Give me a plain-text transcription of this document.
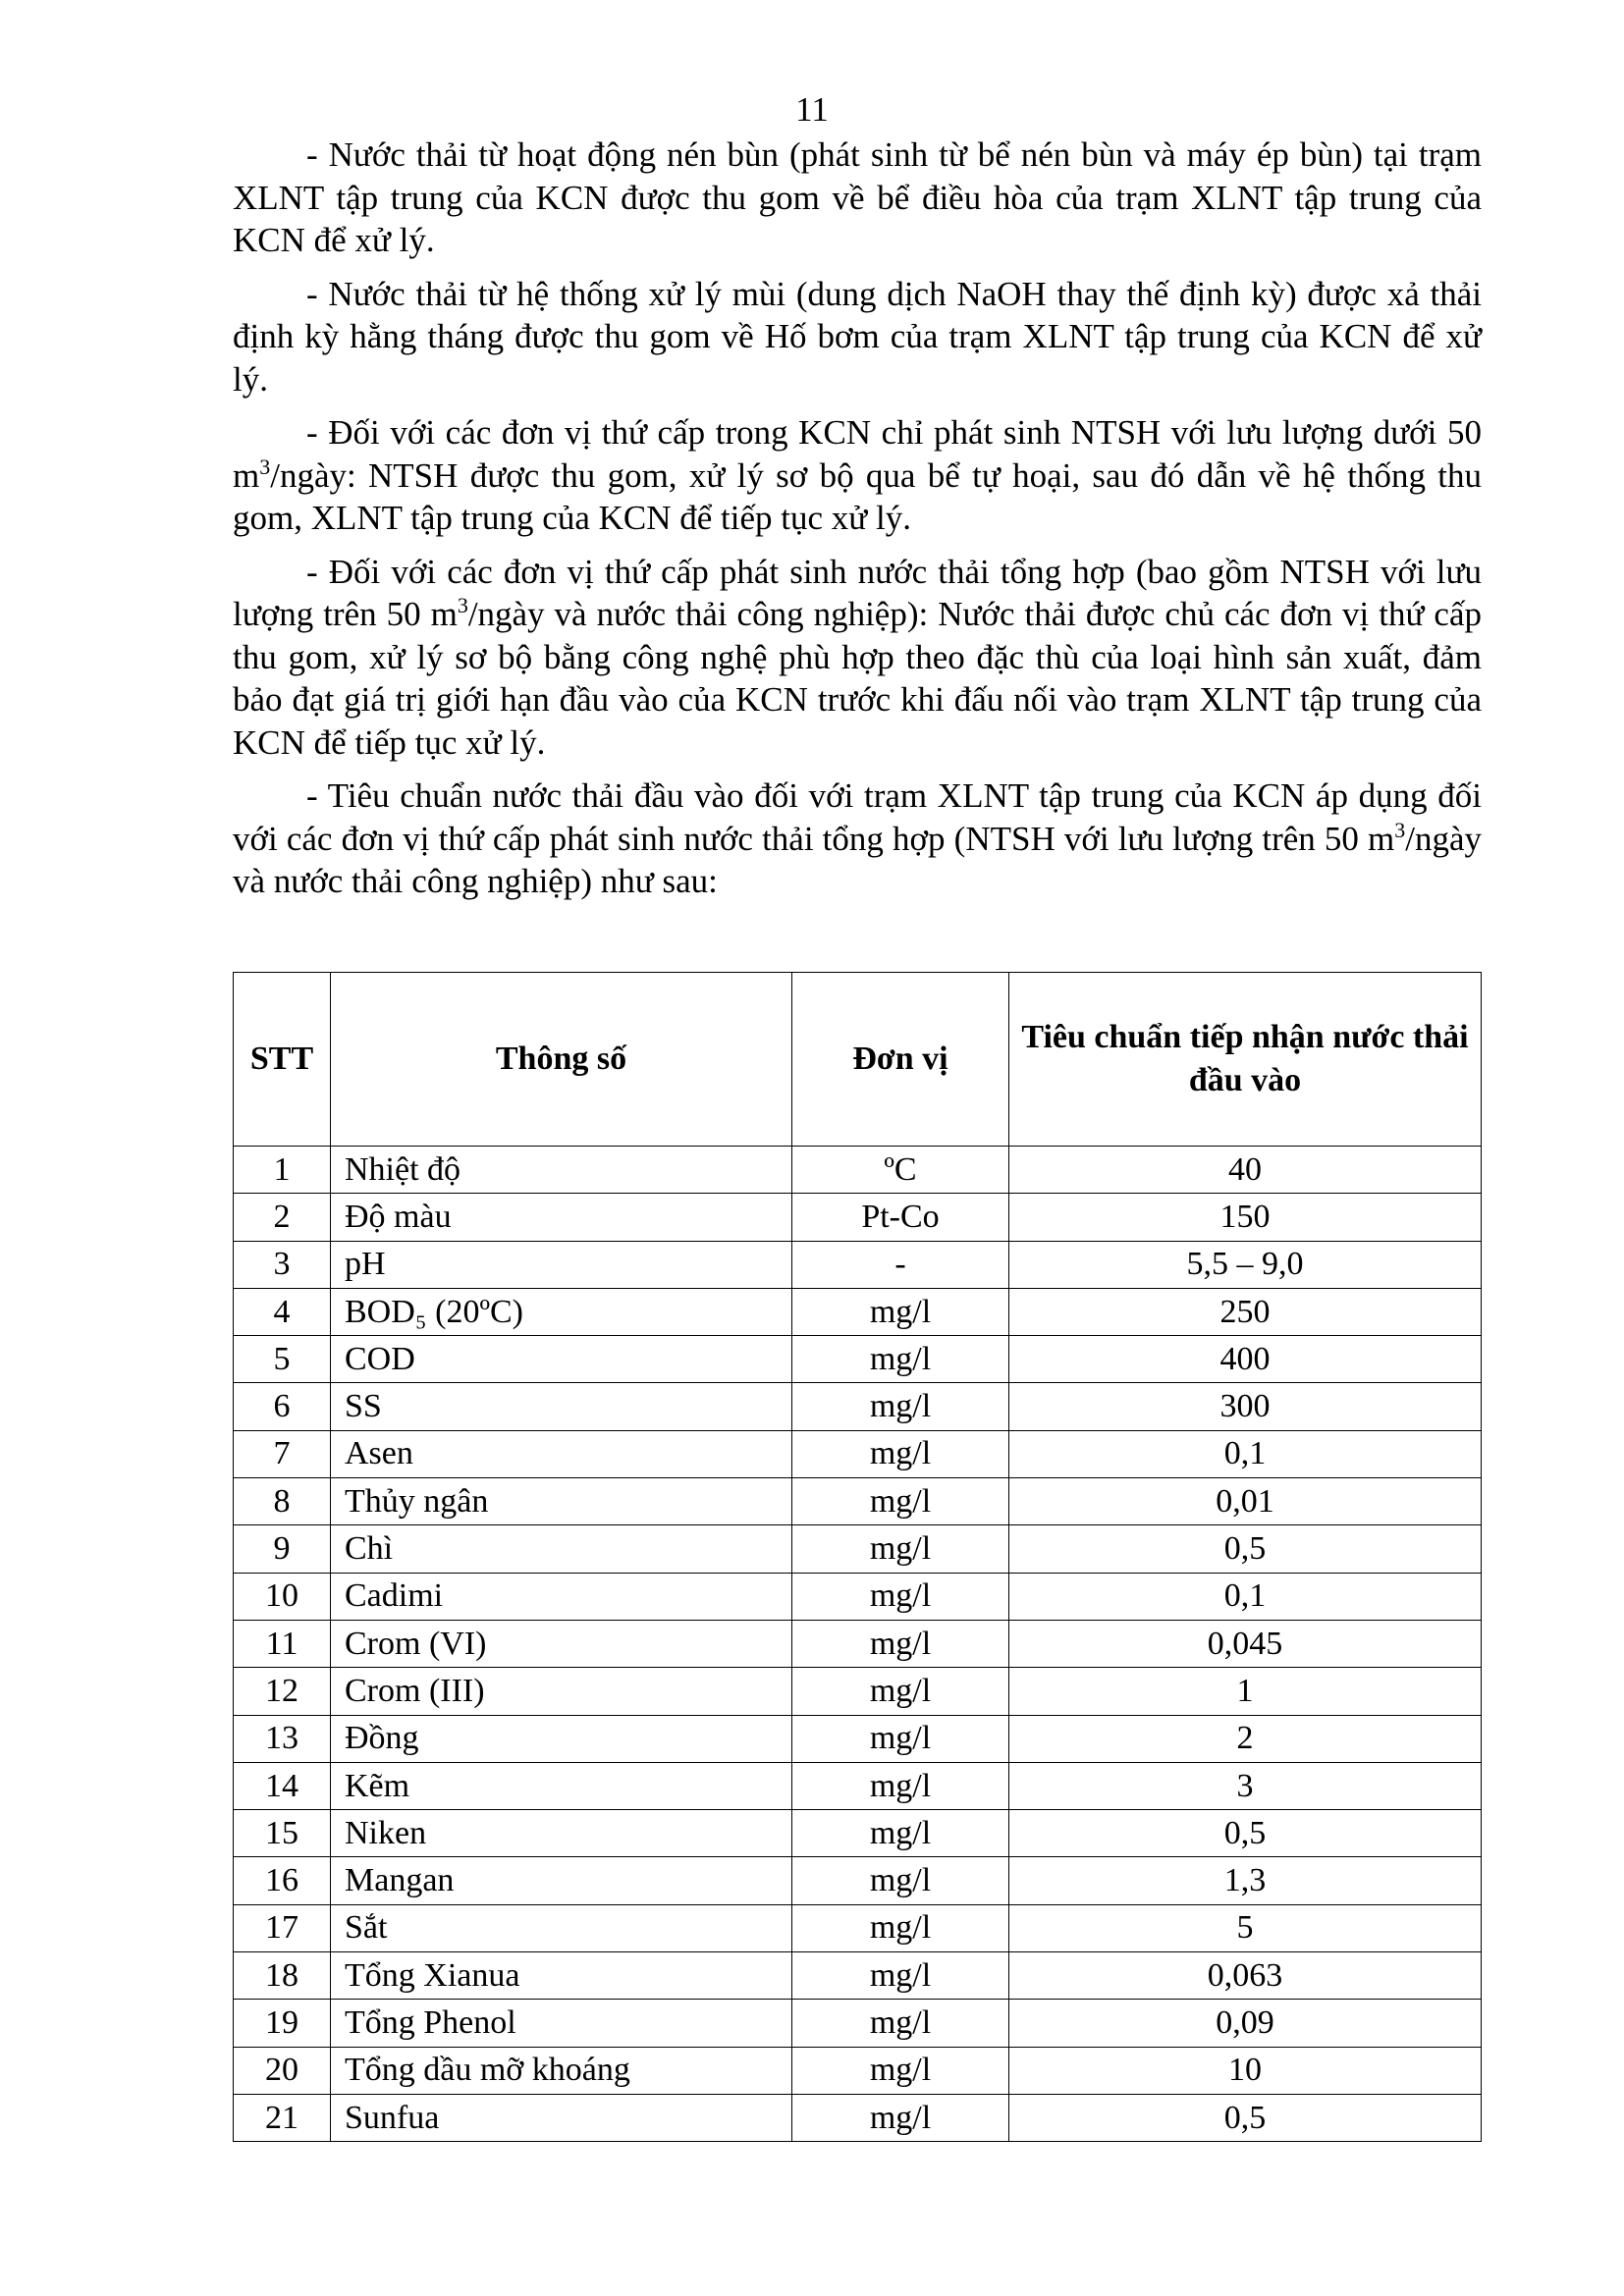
11

- Nước thải từ hoạt động nén bùn (phát sinh từ bể nén bùn và máy ép bùn) tại trạm XLNT tập trung của KCN được thu gom về bể điều hòa của trạm XLNT tập trung của KCN để xử lý.

- Nước thải từ hệ thống xử lý mùi (dung dịch NaOH thay thế định kỳ) được xả thải định kỳ hằng tháng được thu gom về Hố bơm của trạm XLNT tập trung của KCN để xử lý.

- Đối với các đơn vị thứ cấp trong KCN chỉ phát sinh NTSH với lưu lượng dưới 50 $m^3$/ngày: NTSH được thu gom, xử lý sơ bộ qua bể tự hoại, sau đó dẫn về hệ thống thu gom, XLNT tập trung của KCN để tiếp tục xử lý.

- Đối với các đơn vị thứ cấp phát sinh nước thải tổng hợp (bao gồm NTSH với lưu lượng trên 50 $m^3$/ngày và nước thải công nghiệp): Nước thải được chủ các đơn vị thứ cấp thu gom, xử lý sơ bộ bằng công nghệ phù hợp theo đặc thù của loại hình sản xuất, đảm bảo đạt giá trị giới hạn đầu vào của KCN trước khi đấu nối vào trạm XLNT tập trung của KCN để tiếp tục xử lý.

- Tiêu chuẩn nước thải đầu vào đối với trạm XLNT tập trung của KCN áp dụng đối với các đơn vị thứ cấp phát sinh nước thải tổng hợp (NTSH với lưu lượng trên 50 $m^3$/ngày và nước thải công nghiệp) như sau:

STT	Thông số	Đơn vị	Tiêu chuẩn tiếp nhận nước thải đầu vào
1	Nhiệt độ	ºC	40
2	Độ màu	Pt-Co	150
3	pH	-	5,5 – 9,0
4	BOD₅ (20ºC)	mg/l	250
5	COD	mg/l	400
6	SS	mg/l	300
7	Asen	mg/l	0,1
8	Thủy ngân	mg/l	0,01
9	Chì	mg/l	0,5
10	Cadimi	mg/l	0,1
11	Crom (VI)	mg/l	0,045
12	Crom (III)	mg/l	1
13	Đồng	mg/l	2
14	Kẽm	mg/l	3
15	Niken	mg/l	0,5
16	Mangan	mg/l	1,3
17	Sắt	mg/l	5
18	Tổng Xianua	mg/l	0,063
19	Tổng Phenol	mg/l	0,09
20	Tổng dầu mỡ khoáng	mg/l	10
21	Sunfua	mg/l	0,5
